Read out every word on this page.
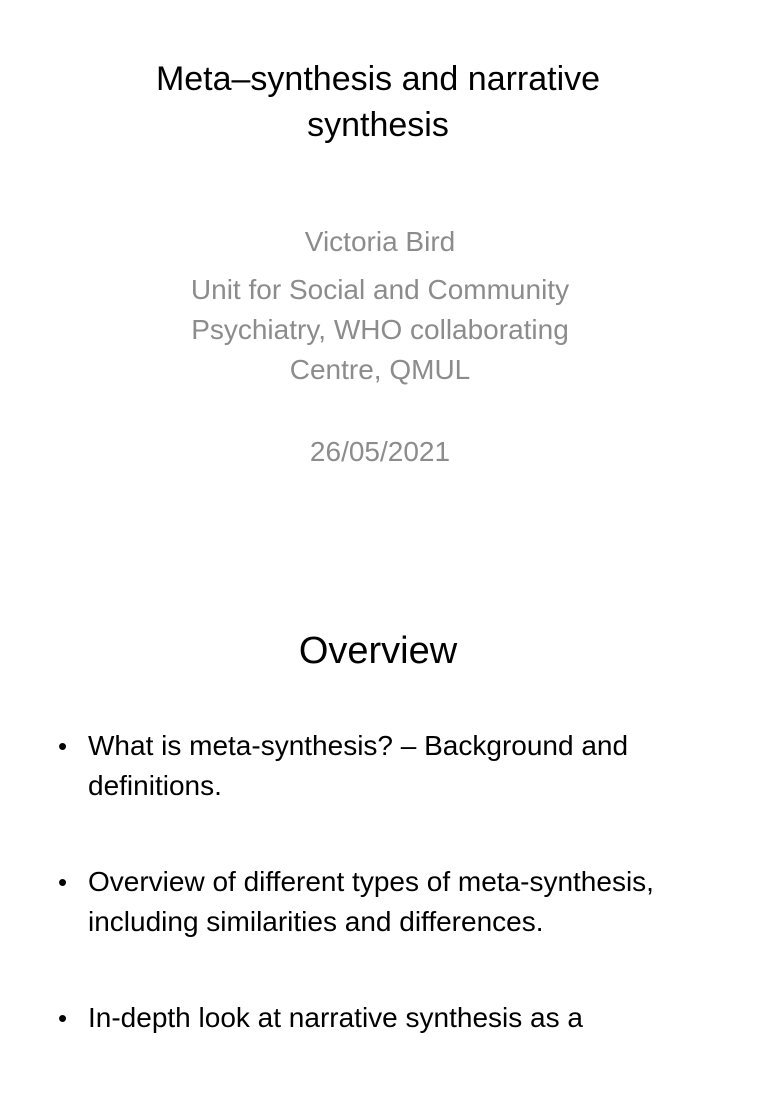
Meta–synthesis and narrative
synthesis
Victoria Bird
Unit for Social and Community
Psychiatry, WHO collaborating
Centre, QMUL
26/05/2021
Overview
• What is meta-synthesis? – Background and
definitions.
• Overview of different types of meta-synthesis,
including similarities and differences.
• In-depth look at narrative synthesis as a
